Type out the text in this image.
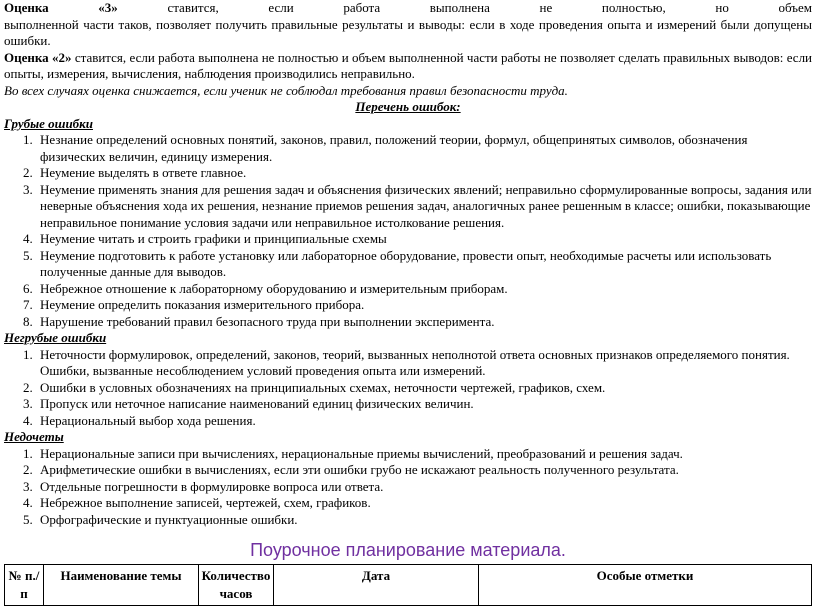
Оценка «3»	ставится, если работа выполнена не полностью, но объем

выполненной части таков, позволяет получить правильные результаты и выводы: если в ходе проведения опыта и измерений были допущены ошибки.

Оценка «2» ставится, если работа выполнена не полностью и объем выполненной части работы не позволяет сделать правильных выводов: если опыты, измерения, вычисления, наблюдения производились неправильно.

Во всех случаях оценка снижается, если ученик не соблюдал требования правил безопасности труда.

Перечень ошибок:

Грубые ошибки

1. Незнание определений основных понятий, законов, правил, положений теории, формул, общепринятых символов, обозначения физических величин, единицу измерения.
2. Неумение выделять в ответе главное.
3. Неумение применять знания для решения задач и объяснения физических явлений; неправильно сформулированные вопросы, задания или неверные объяснения хода их решения, незнание приемов решения задач, аналогичных ранее решенным в классе; ошибки, показывающие неправильное понимание условия задачи или неправильное истолкование решения.
4. Неумение читать и строить графики и принципиальные схемы
5. Неумение подготовить к работе установку или лабораторное оборудование, провести опыт, необходимые расчеты или использовать полученные данные для выводов.
6. Небрежное отношение к лабораторному оборудованию и измерительным приборам.
7. Неумение определить показания измерительного прибора.
8. Нарушение требований правил безопасного труда при выполнении эксперимента.

Негрубые ошибки

1. Неточности формулировок, определений, законов, теорий, вызванных неполнотой ответа основных признаков определяемого понятия. Ошибки, вызванные несоблюдением условий проведения опыта или измерений.
2. Ошибки в условных обозначениях на принципиальных схемах, неточности чертежей, графиков, схем.
3. Пропуск или неточное написание наименований единиц физических величин.
4. Нерациональный выбор хода решения.

Недочеты

1. Нерациональные записи при вычислениях, нерациональные приемы вычислений, преобразований и решения задач.
2. Арифметические ошибки в вычислениях, если эти ошибки грубо не искажают реальность полученного результата.
3. Отдельные погрешности в формулировке вопроса или ответа.
4. Небрежное выполнение записей, чертежей, схем, графиков.
5. Орфографические и пунктуационные ошибки.
Поурочное планирование материала.
№ п./п	Наименование темы	Количество часов	Дата	Особые отметки
